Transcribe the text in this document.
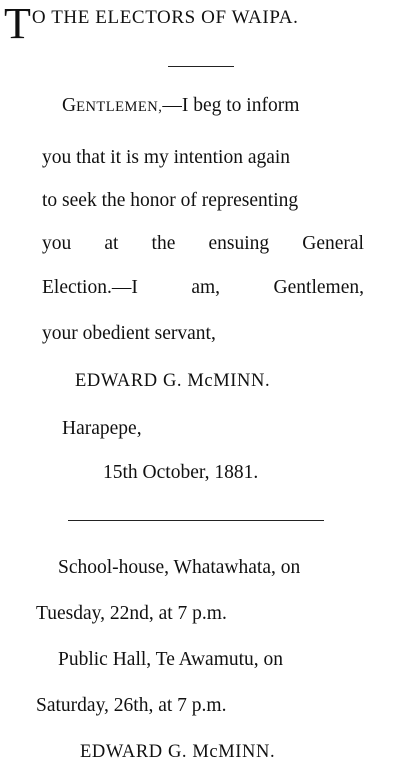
TO THE ELECTORS OF WAIPA.
GENTLEMEN,—I beg to inform
you that it is my intention again
to seek the honor of representing
you at the ensuing General
Election.—I	am,	Gentlemen,
your obedient servant,
EDWARD G. McMINN.
Harapepe,
15th October, 1881.
School-house, Whatawhata, on
Tuesday, 22nd, at 7 p.m.
Public Hall, Te Awamutu, on
Saturday, 26th, at 7 p.m.
EDWARD G. McMINN.
